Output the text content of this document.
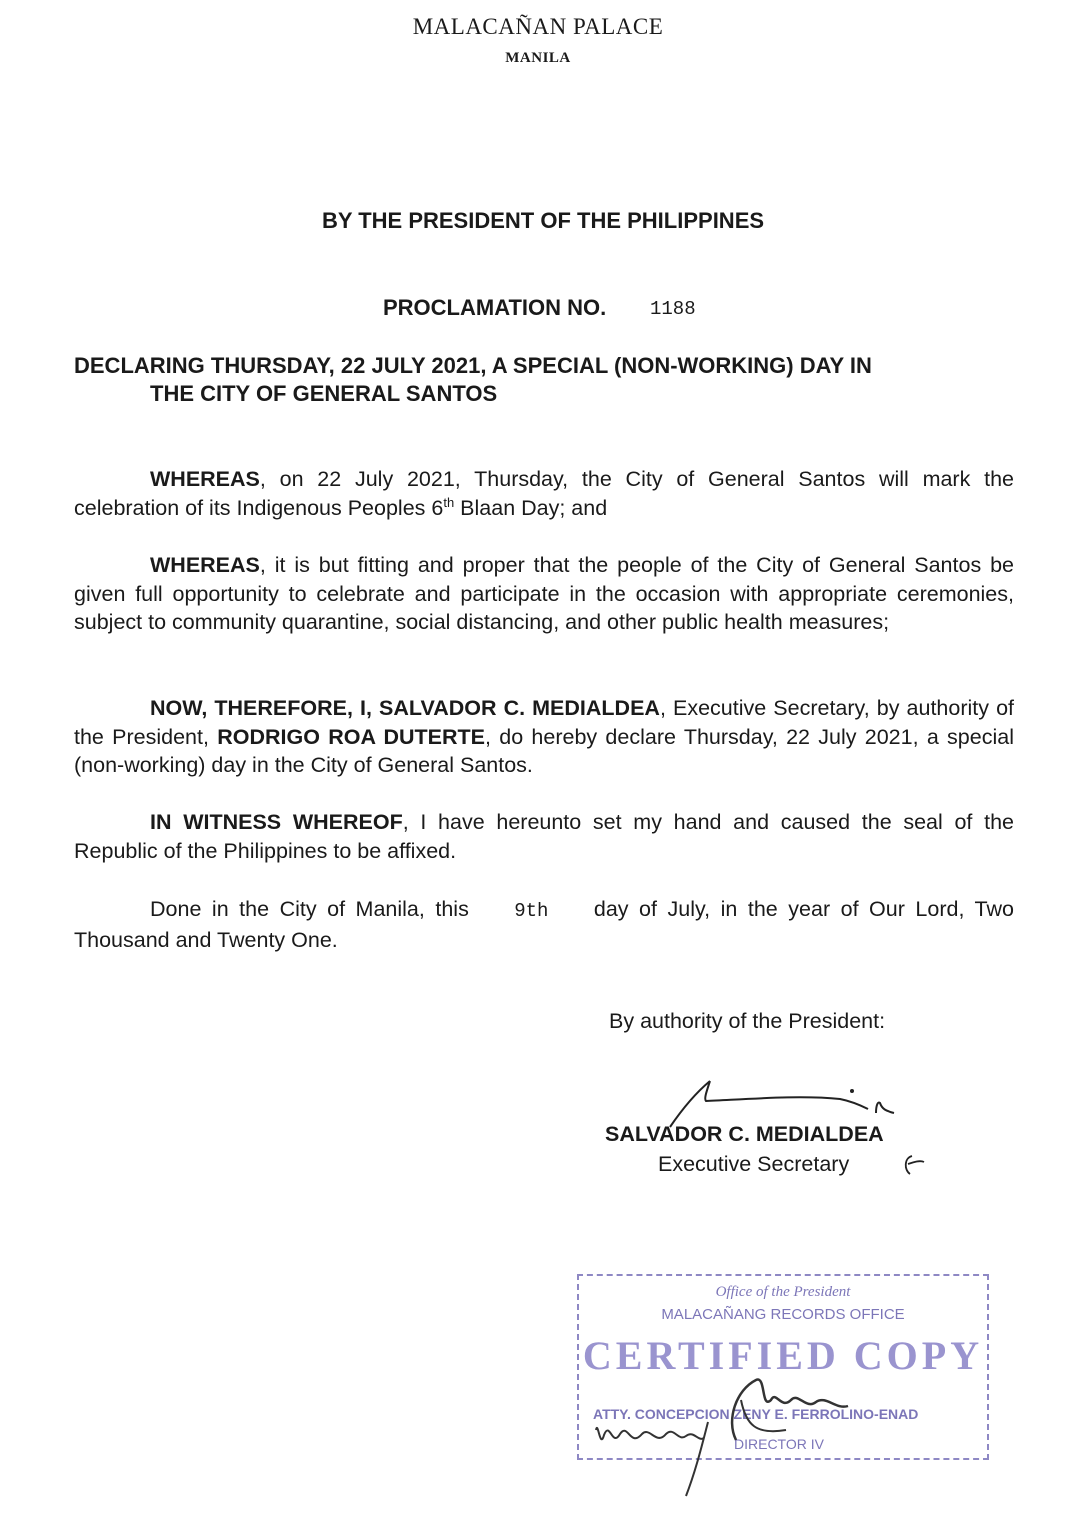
MALACAÑAN PALACE
MANILA
BY THE PRESIDENT OF THE PHILIPPINES
PROCLAMATION NO. 1188
DECLARING THURSDAY, 22 JULY 2021, A SPECIAL (NON-WORKING) DAY IN
THE CITY OF GENERAL SANTOS
WHEREAS, on 22 July 2021, Thursday, the City of General Santos will mark the celebration of its Indigenous Peoples 6th Blaan Day; and
WHEREAS, it is but fitting and proper that the people of the City of General Santos be given full opportunity to celebrate and participate in the occasion with appropriate ceremonies, subject to community quarantine, social distancing, and other public health measures;
NOW, THEREFORE, I, SALVADOR C. MEDIALDEA, Executive Secretary, by authority of the President, RODRIGO ROA DUTERTE, do hereby declare Thursday, 22 July 2021, a special (non-working) day in the City of General Santos.
IN WITNESS WHEREOF, I have hereunto set my hand and caused the seal of the Republic of the Philippines to be affixed.
Done in the City of Manila, this 9th day of July, in the year of Our Lord, Two Thousand and Twenty One.
By authority of the President:
SALVADOR C. MEDIALDEA
Executive Secretary
Office of the President
MALACAÑANG RECORDS OFFICE
CERTIFIED COPY
ATTY. CONCEPCION ZENY E. FERROLINO-ENAD
DIRECTOR IV
